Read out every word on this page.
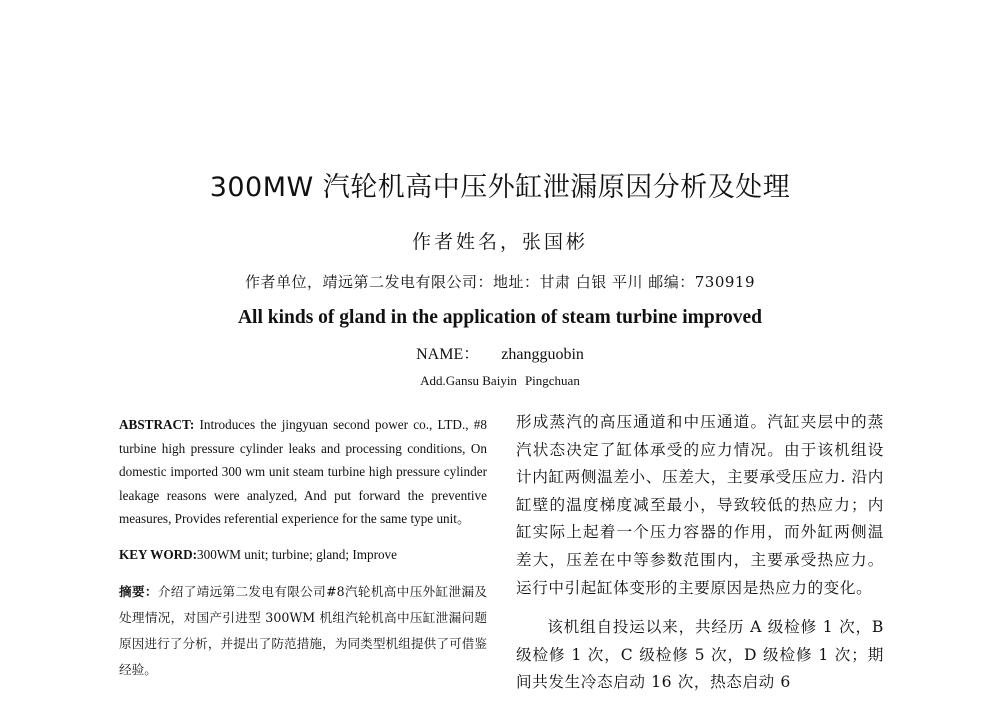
300MW 汽轮机高中压外缸泄漏原因分析及处理
作者姓名，张国彬
作者单位，靖远第二发电有限公司：地址：甘肃 白银 平川 邮编：730919
All kinds of gland in the application of steam turbine improved
NAME： zhangguobin
Add.Gansu Baiyin Pingchuan

ABSTRACT: Introduces the jingyuan second power co., LTD., #8 turbine high pressure cylinder leaks and processing conditions, On domestic imported 300 wm unit steam turbine high pressure cylinder leakage reasons were analyzed, And put forward the preventive measures, Provides referential experience for the same type unit。

KEY WORD:300WM unit; turbine; gland; Improve

摘要：介绍了靖远第二发电有限公司#8汽轮机高中压外缸泄漏及处理情况，对国产引进型 300WM 机组汽轮机高中压缸泄漏问题原因进行了分析，并提出了防范措施，为同类型机组提供了可借鉴经验。

形成蒸汽的高压通道和中压通道。汽缸夹层中的蒸汽状态决定了缸体承受的应力情况。由于该机组设计内缸两侧温差小、压差大，主要承受压应力. 沿内缸壁的温度梯度减至最小，导致较低的热应力；内缸实际上起着一个压力容器的作用，而外缸两侧温差大，压差在中等参数范围内，主要承受热应力。运行中引起缸体变形的主要原因是热应力的变化。

该机组自投运以来，共经历 A 级检修 1 次，B 级检修 1 次，C 级检修 5 次，D 级检修 1 次；期间共发生冷态启动 16 次，热态启动 6
